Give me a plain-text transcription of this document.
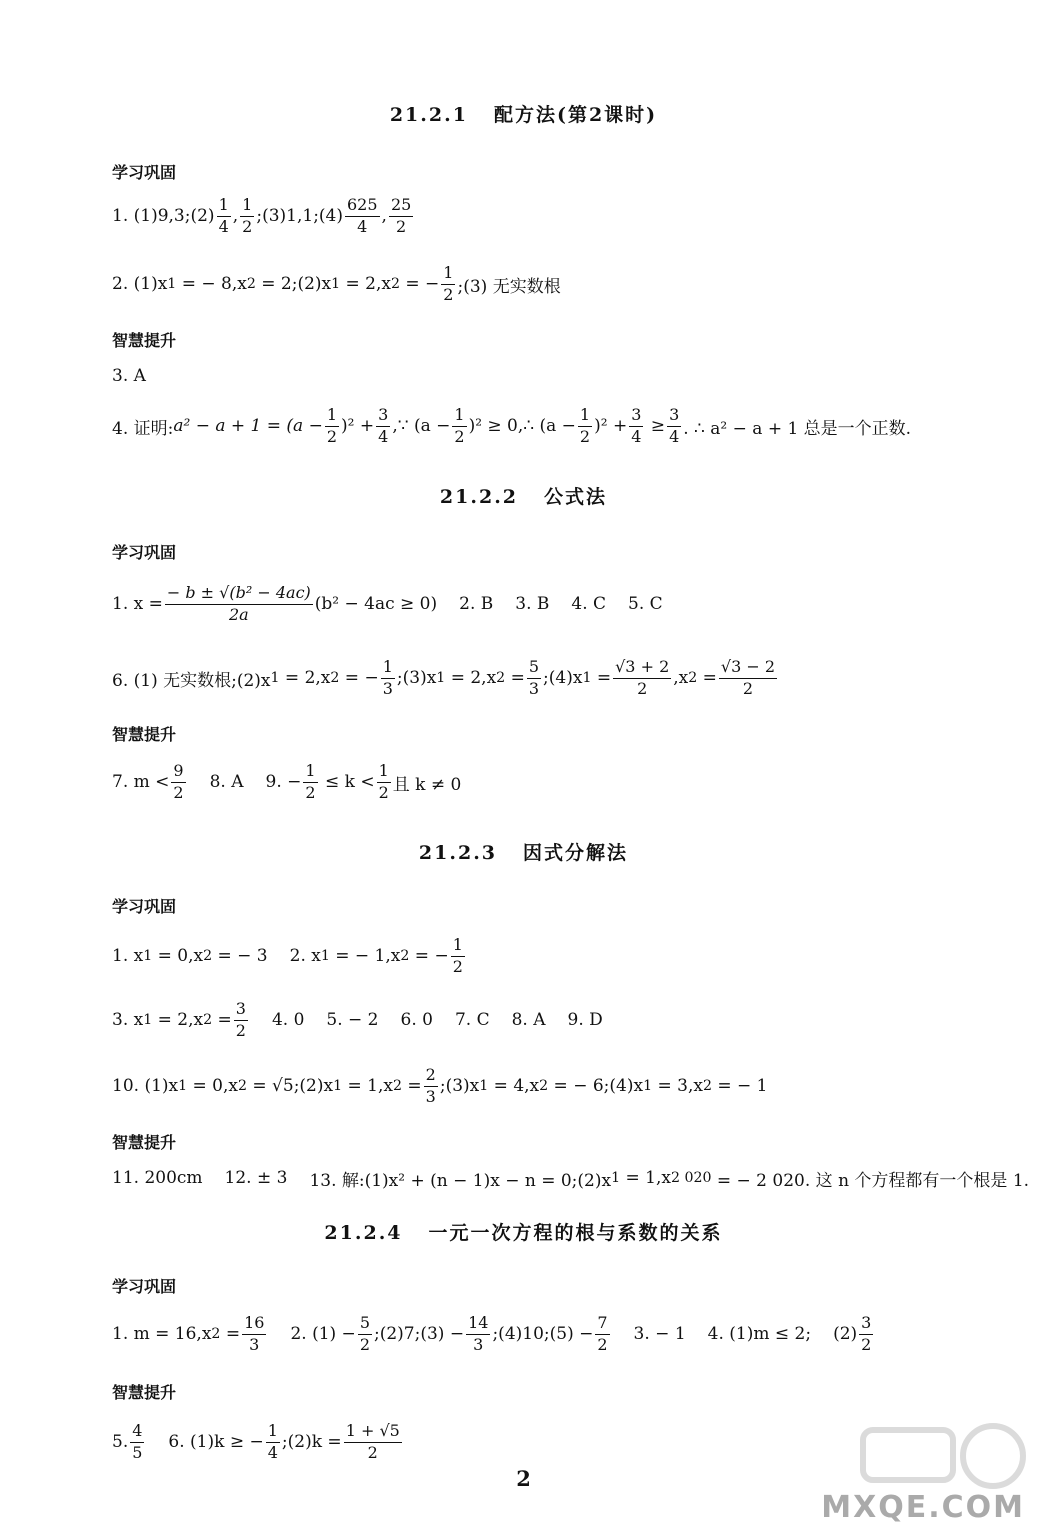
21.2.1 配方法(第2课时)
学习巩固
1. (1)9,3;(2) $\frac{1}{4}$ , $\frac{1}{2}$ ;(3)1,1;(4) $\frac{625}{4}$ , $\frac{25}{2}$
2. (1)x 1 = − 8,x 2 = 2;(2)x 1 = 2,x 2 = − $\frac{1}{2}$ ;(3) 无实数根
智慧提升
3. A
4. 证明: $a^2 - a + 1 = (a - \frac{1}{2} )^2 + \frac{3}{4}$ ,∵ $(a - \frac{1}{2} )^2$ ≥ 0,∴ $(a - \frac{1}{2} )^2 + \frac{3}{4} \ge \frac{3}{4}$ . ∴ a² − a + 1 总是一个正数.
21.2.2 公式法
学习巩固
1. $x = \frac{\text{− b ± √(b² − 4ac)}}{2a} (b^2 - 4ac \ge 0)$ 2. B 3. B 4. C 5. C
6. (1) 无实数根;(2)x 1 = 2,x 2 = − $\frac{1}{3}$ ;(3)x 1 = 2,x $2 = \frac{5}{3}$ ;(4)x $1 = \frac{√3 + 2}{2} ,x$ $2 = \frac{√3 - 2}{2}$
智慧提升
7. $m < \frac{9}{2} 8$. A 9. − $\frac{1}{2} \le k < \frac{1}{2}$ 且 k ≠ 0
21.2.3 因式分解法
学习巩固
1. x 1 = 0,x 2 = − 3 2. x 1 = − 1,x 2 = − $\frac{1}{2}$
3. x 1 = 2,x $2 = \frac{3}{2} 4$. 0 5. − 2 6. 0 7. C 8. A 9. D
10. (1)x 1 = 0,x 2 = √5;(2)x 1 = 1,x $2 = \frac{2}{3}$ ;(3)x 1 = 4,x 2 = − 6;(4)x 1 = 3,x 2 = − 1
智慧提升
11. 200cm 12. ± 3 13. 解:(1)x² + (n − 1)x − n = 0;(2)x 1 = 1,x 2 020 = − 2 020. 这 n 个方程都有一个根是 1.
21.2.4 一元一次方程的根与系数的关系
学习巩固
1. m = 16,x $2 = \frac{16}{3} 2$. $(1) - \frac{5}{2}$ ;(2)7;(3) − $\frac{14}{3}$ ;(4)10;(5) − $\frac{7}{2} 3$. − 1 4. (1)m ≤ 2; $(2) \frac{3}{2}$
智慧提升
5. $\frac{4}{5} 6$. (1)k ≥ − $\frac{1}{4}$ ;(2)k = $\frac{1 + √5}{2}$
2
MXQE.COM
